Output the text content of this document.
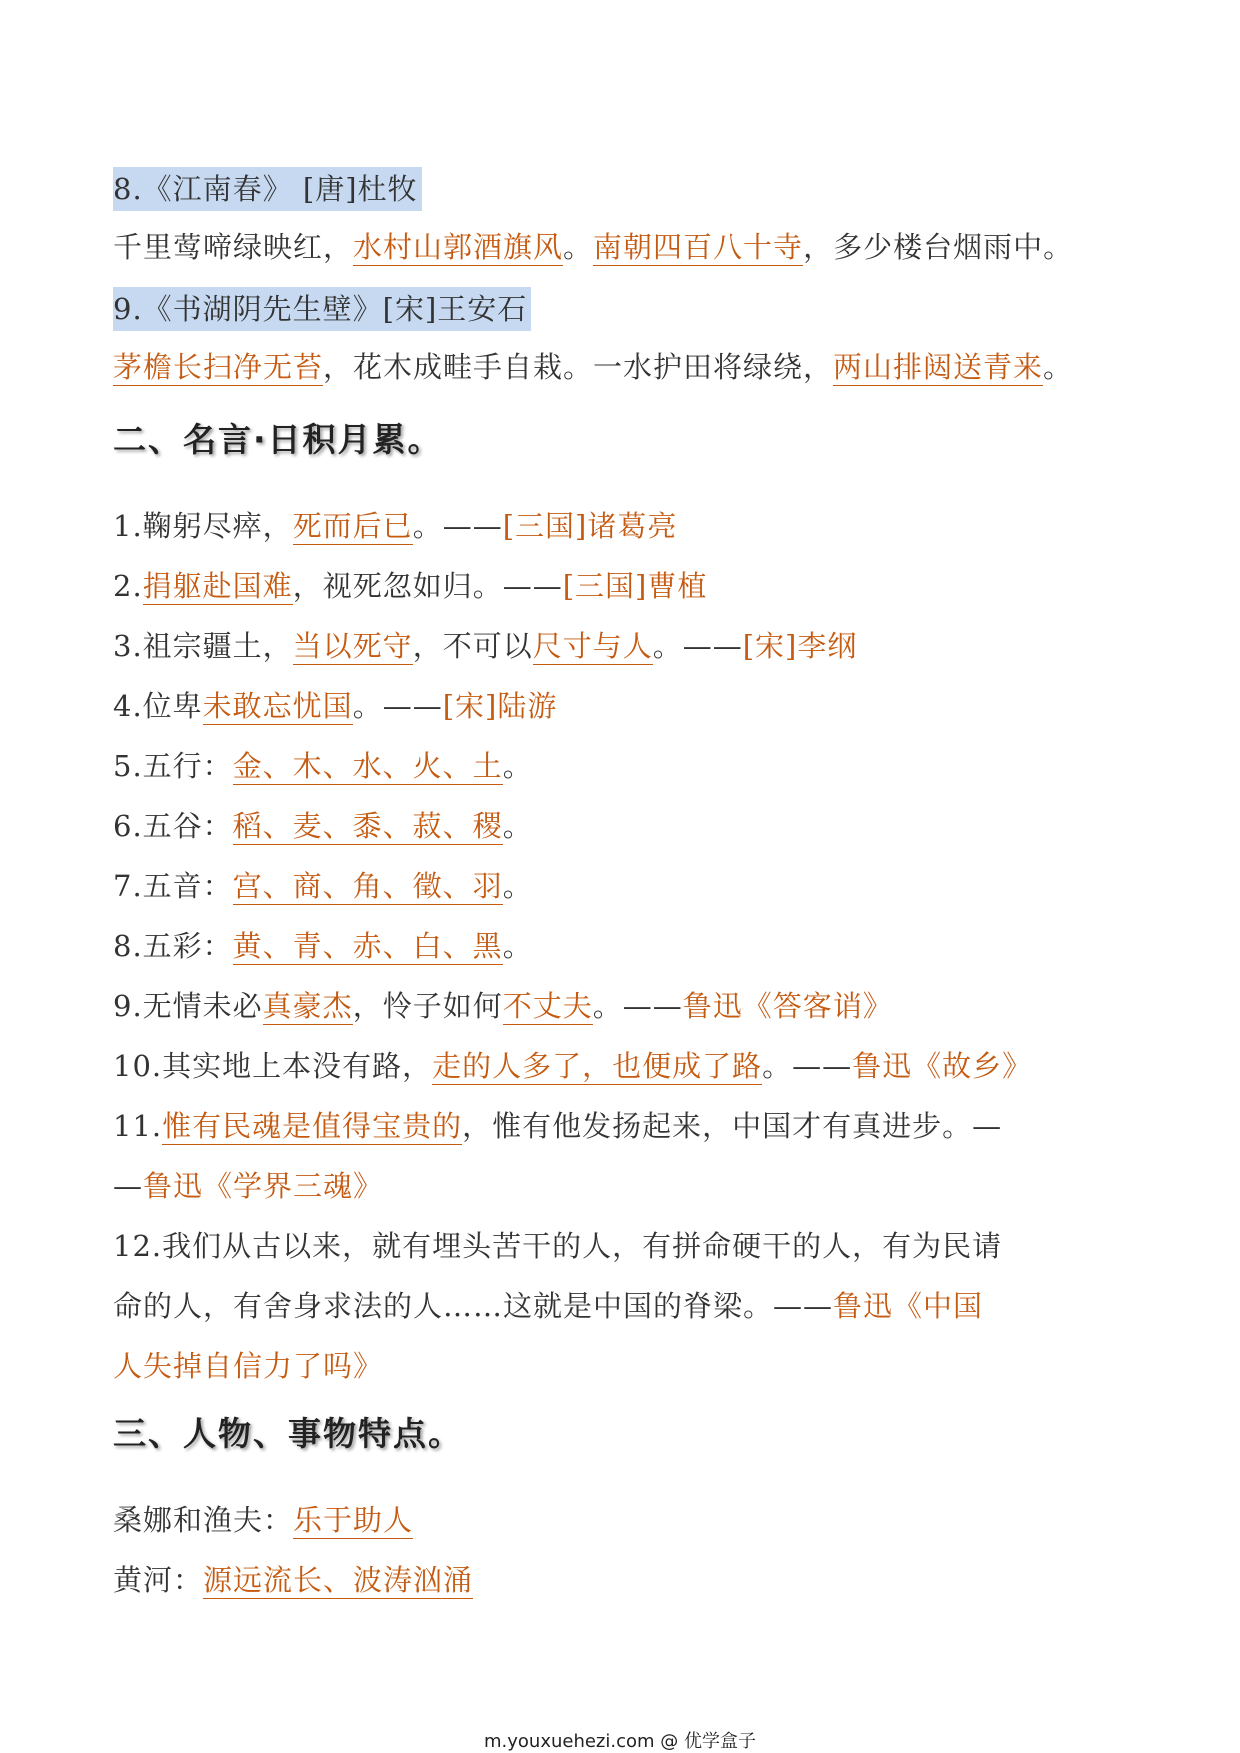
8.《江南春》 [唐]杜牧
千里莺啼绿映红，水村山郭酒旗风。南朝四百八十寺，多少楼台烟雨中。
9.《书湖阴先生壁》[宋]王安石
茅檐长扫净无苔，花木成畦手自栽。一水护田将绿绕，两山排闼送青来。
二、名言·日积月累。
1.鞠躬尽瘁，死而后已。——[三国]诸葛亮
2.捐躯赴国难，视死忽如归。——[三国]曹植
3.祖宗疆土，当以死守，不可以尺寸与人。——[宋]李纲
4.位卑未敢忘忧国。——[宋]陆游
5.五行：金、木、水、火、土。
6.五谷：稻、麦、黍、菽、稷。
7.五音：宫、商、角、徵、羽。
8.五彩：黄、青、赤、白、黑。
9.无情未必真豪杰，怜子如何不丈夫。——鲁迅《答客诮》
10.其实地上本没有路，走的人多了，也便成了路。——鲁迅《故乡》
11.惟有民魂是值得宝贵的，惟有他发扬起来，中国才有真进步。—
—鲁迅《学界三魂》
12.我们从古以来，就有埋头苦干的人，有拼命硬干的人，有为民请
命的人，有舍身求法的人……这就是中国的脊梁。——鲁迅《中国
人失掉自信力了吗》
三、人物、事物特点。
桑娜和渔夫：乐于助人
黄河：源远流长、波涛汹涌
m.youxuehezi.com @ 优学盒子
